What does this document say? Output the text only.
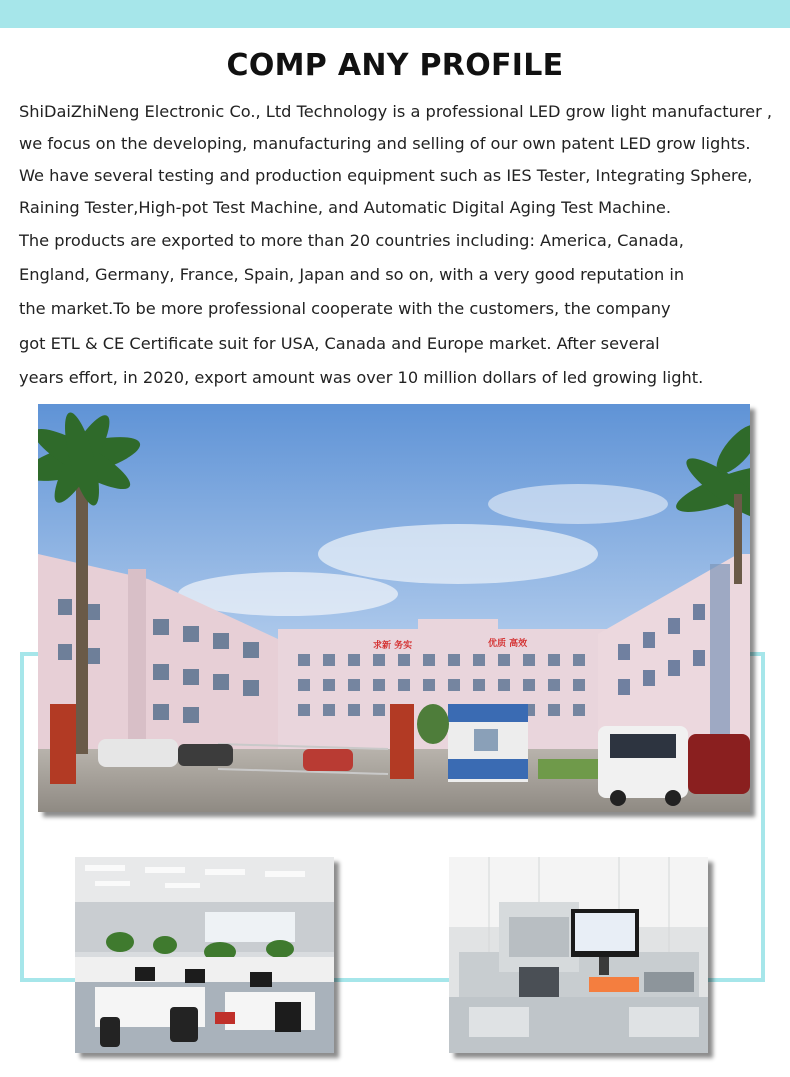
COMP ANY PROFILE
ShiDaiZhiNeng Electronic Co., Ltd Technology is a professional LED grow light manufacturer ,
we focus on the developing, manufacturing and selling of our own patent LED grow lights.
We have several testing and production equipment such as IES Tester, Integrating Sphere,
Raining Tester,High-pot Test Machine, and Automatic Digital Aging Test Machine.
The products are exported to more than 20 countries including: America, Canada,
England, Germany, France, Spain, Japan and so on, with a very good reputation in
the market.To be more professional cooperate with the customers, the company
got ETL & CE Certificate suit for USA, Canada and Europe market. After several
years effort, in 2020, export amount was over 10 million dollars of led growing light.
求新 务实	优质 高效
